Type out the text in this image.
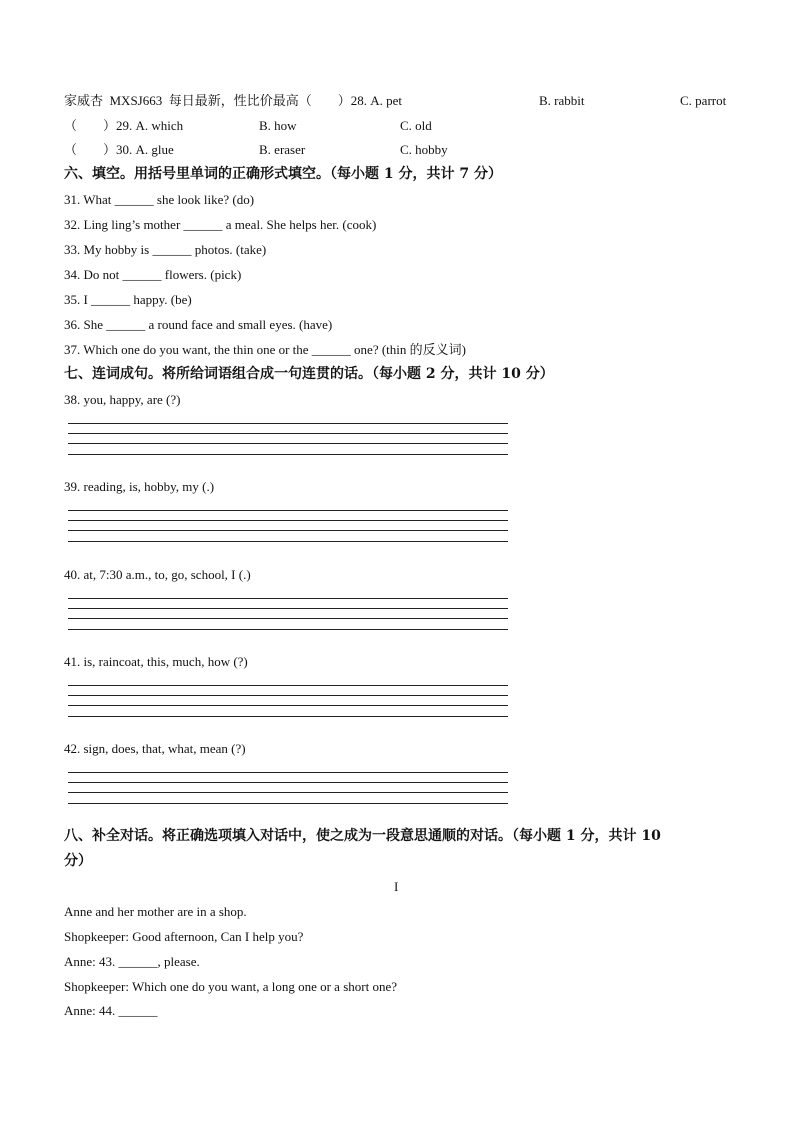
家威杏  MXSJ663  每日最新，性比价最高（        ）28. A. pet	B. rabbit	C. parrot
（        ）29. A. which	B. how	C. old
（        ）30. A. glue	B. eraser	C. hobby
六、填空。用括号里单词的正确形式填空。（每小题 1 分，共计 7 分）
31. What ______ she look like? (do)
32. Ling ling’s mother ______ a meal. She helps her. (cook)
33. My hobby is ______ photos. (take)
34. Do not ______ flowers. (pick)
35. I ______ happy. (be)
36. She ______ a round face and small eyes. (have)
37. Which one do you want, the thin one or the ______ one? (thin 的反义词)
七、连词成句。将所给词语组合成一句连贯的话。（每小题 2 分，共计 10 分）
38. you, happy, are (?)
39. reading, is, hobby, my (.)
40. at, 7:30 a.m., to, go, school, I (.)
41. is, raincoat, this, much, how (?)
42. sign, does, that, what, mean (?)
八、补全对话。将正确选项填入对话中，使之成为一段意思通顺的对话。（每小题 1 分，共计 10
分）
I
Anne and her mother are in a shop.
Shopkeeper: Good afternoon, Can I help you?
Anne: 43. ______, please.
Shopkeeper: Which one do you want, a long one or a short one?
Anne: 44. ______
